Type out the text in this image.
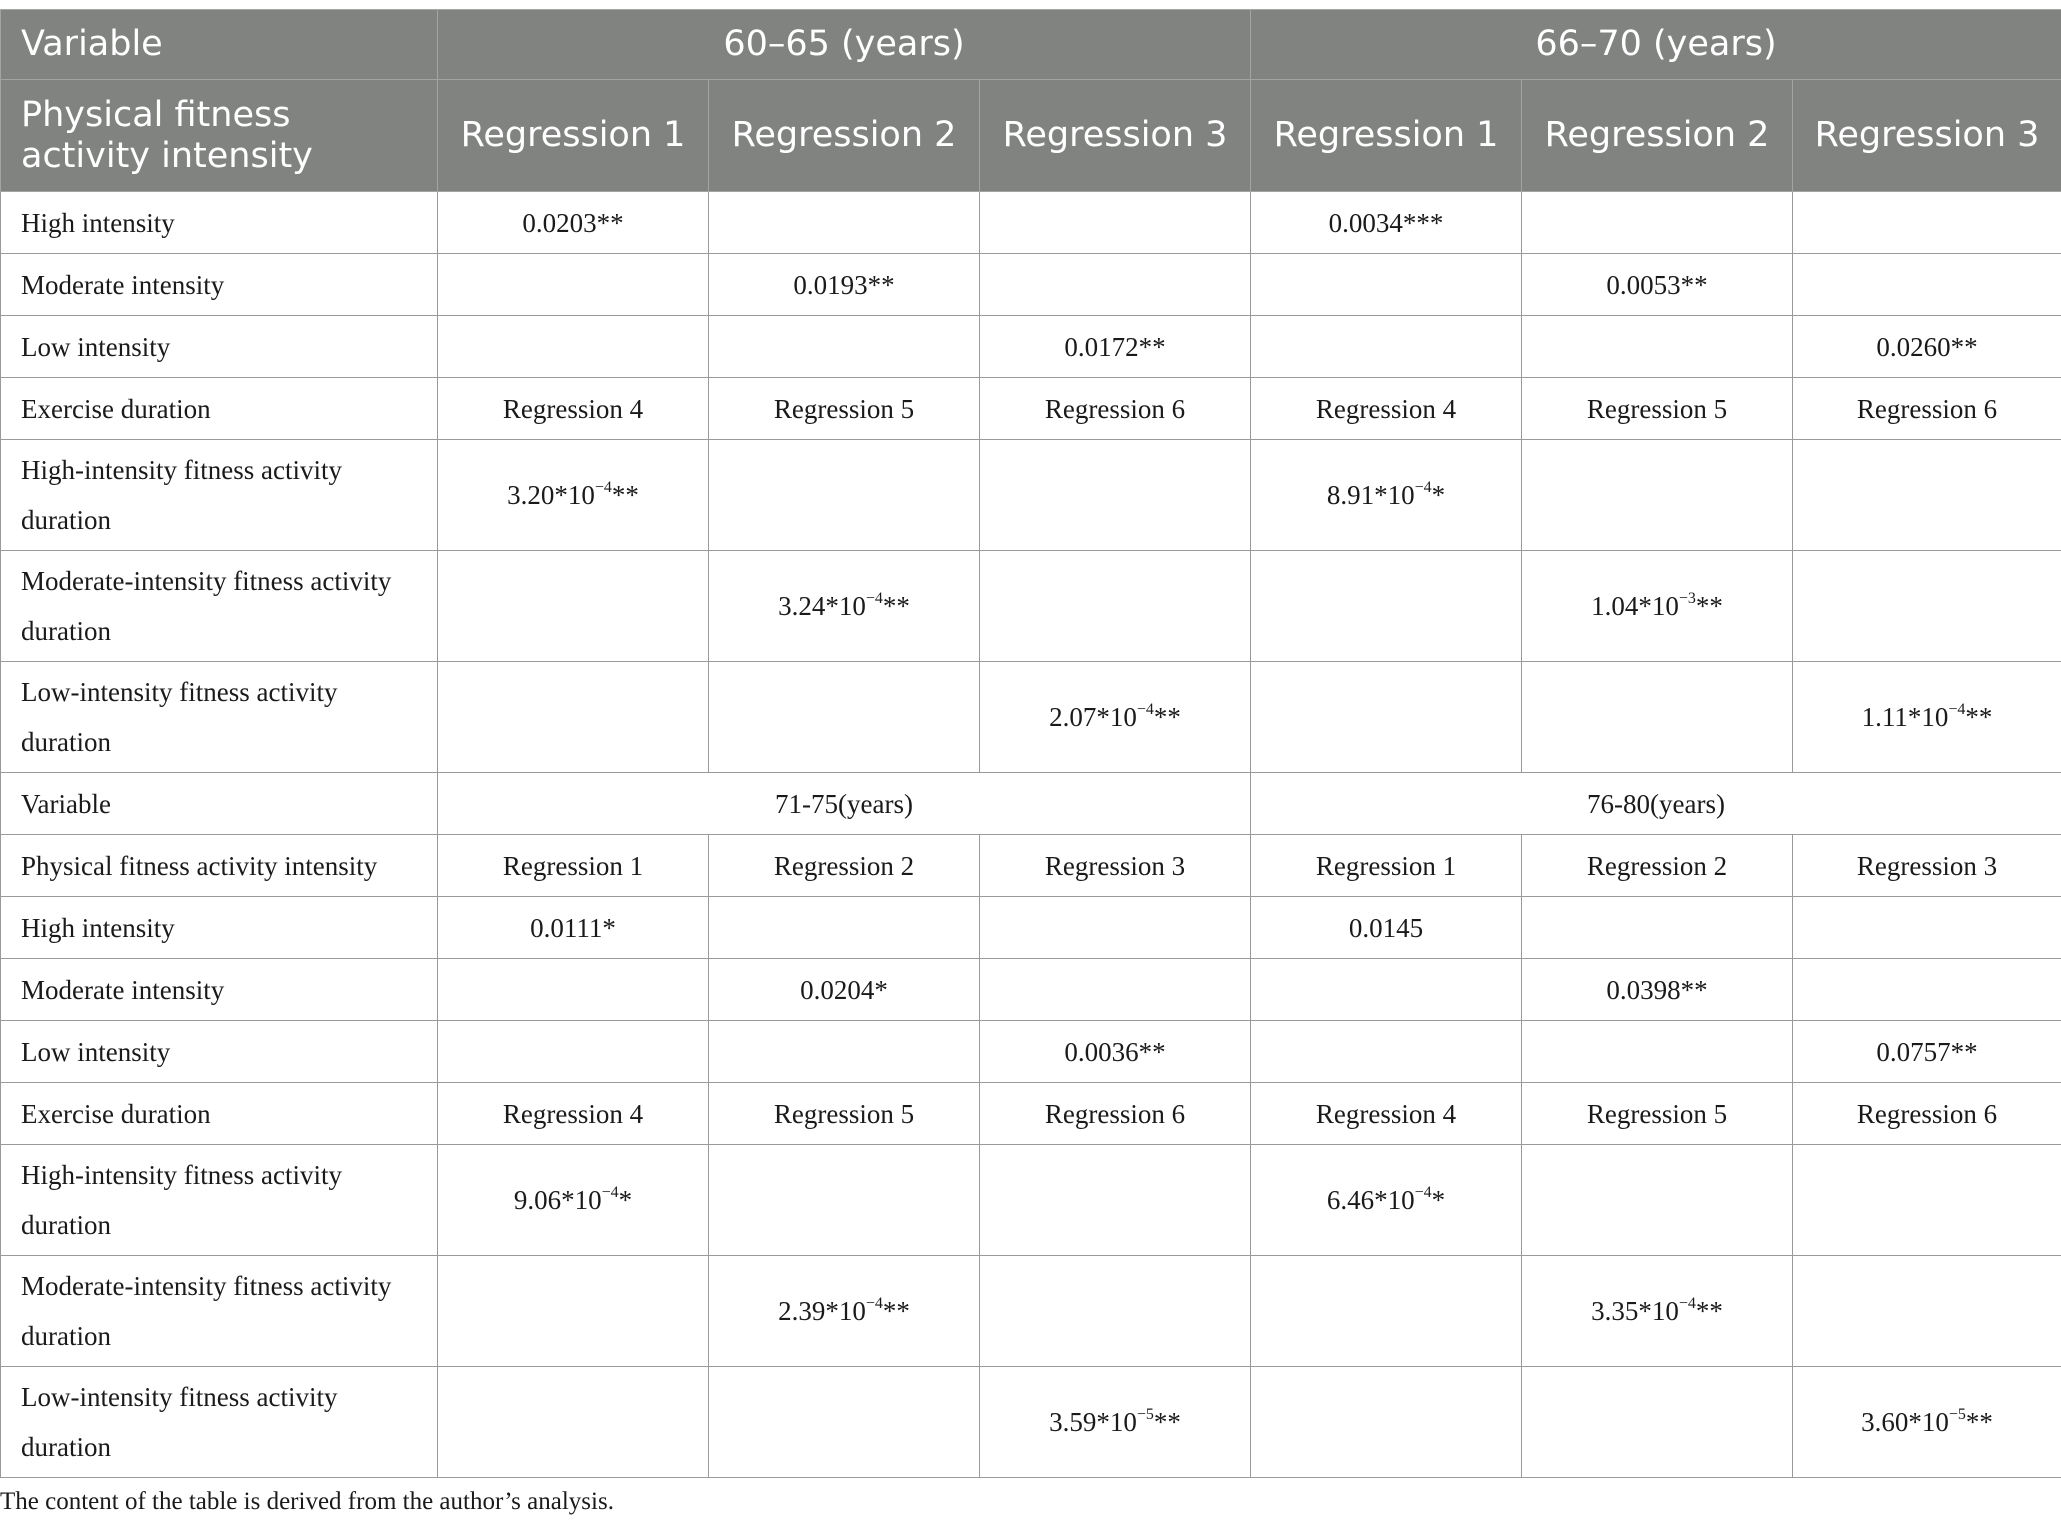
Variable	60–65 (years)			66–70 (years)		
Physical fitness activity intensity	Regression 1	Regression 2	Regression 3	Regression 1	Regression 2	Regression 3
High intensity	0.0203**			0.0034***		
Moderate intensity		0.0193**			0.0053**	
Low intensity			0.0172**			0.0260**
Exercise duration	Regression 4	Regression 5	Regression 6	Regression 4	Regression 5	Regression 6
High-intensity fitness activity duration	$3.20*10^{-4}**$			$8.91*10^{-4}*$		
Moderate-intensity fitness activity duration		$3.24*10^{-4}**$			$1.04*10^{-3}**$	
Low-intensity fitness activity duration			$2.07*10^{-4}**$			$1.11*10^{-4}**$
Variable	71-75(years)			76-80(years)		
Physical fitness activity intensity	Regression 1	Regression 2	Regression 3	Regression 1	Regression 2	Regression 3
High intensity	0.0111*			0.0145		
Moderate intensity		0.0204*			0.0398**	
Low intensity			0.0036**			0.0757**
Exercise duration	Regression 4	Regression 5	Regression 6	Regression 4	Regression 5	Regression 6
High-intensity fitness activity duration	$9.06*10^{-4}*$			$6.46*10^{-4}*$		
Moderate-intensity fitness activity duration		$2.39*10^{-4}**$			$3.35*10^{-4}**$	
Low-intensity fitness activity duration			$3.59*10^{-5}**$			$3.60*10^{-5}**$
The content of the table is derived from the author’s analysis.
